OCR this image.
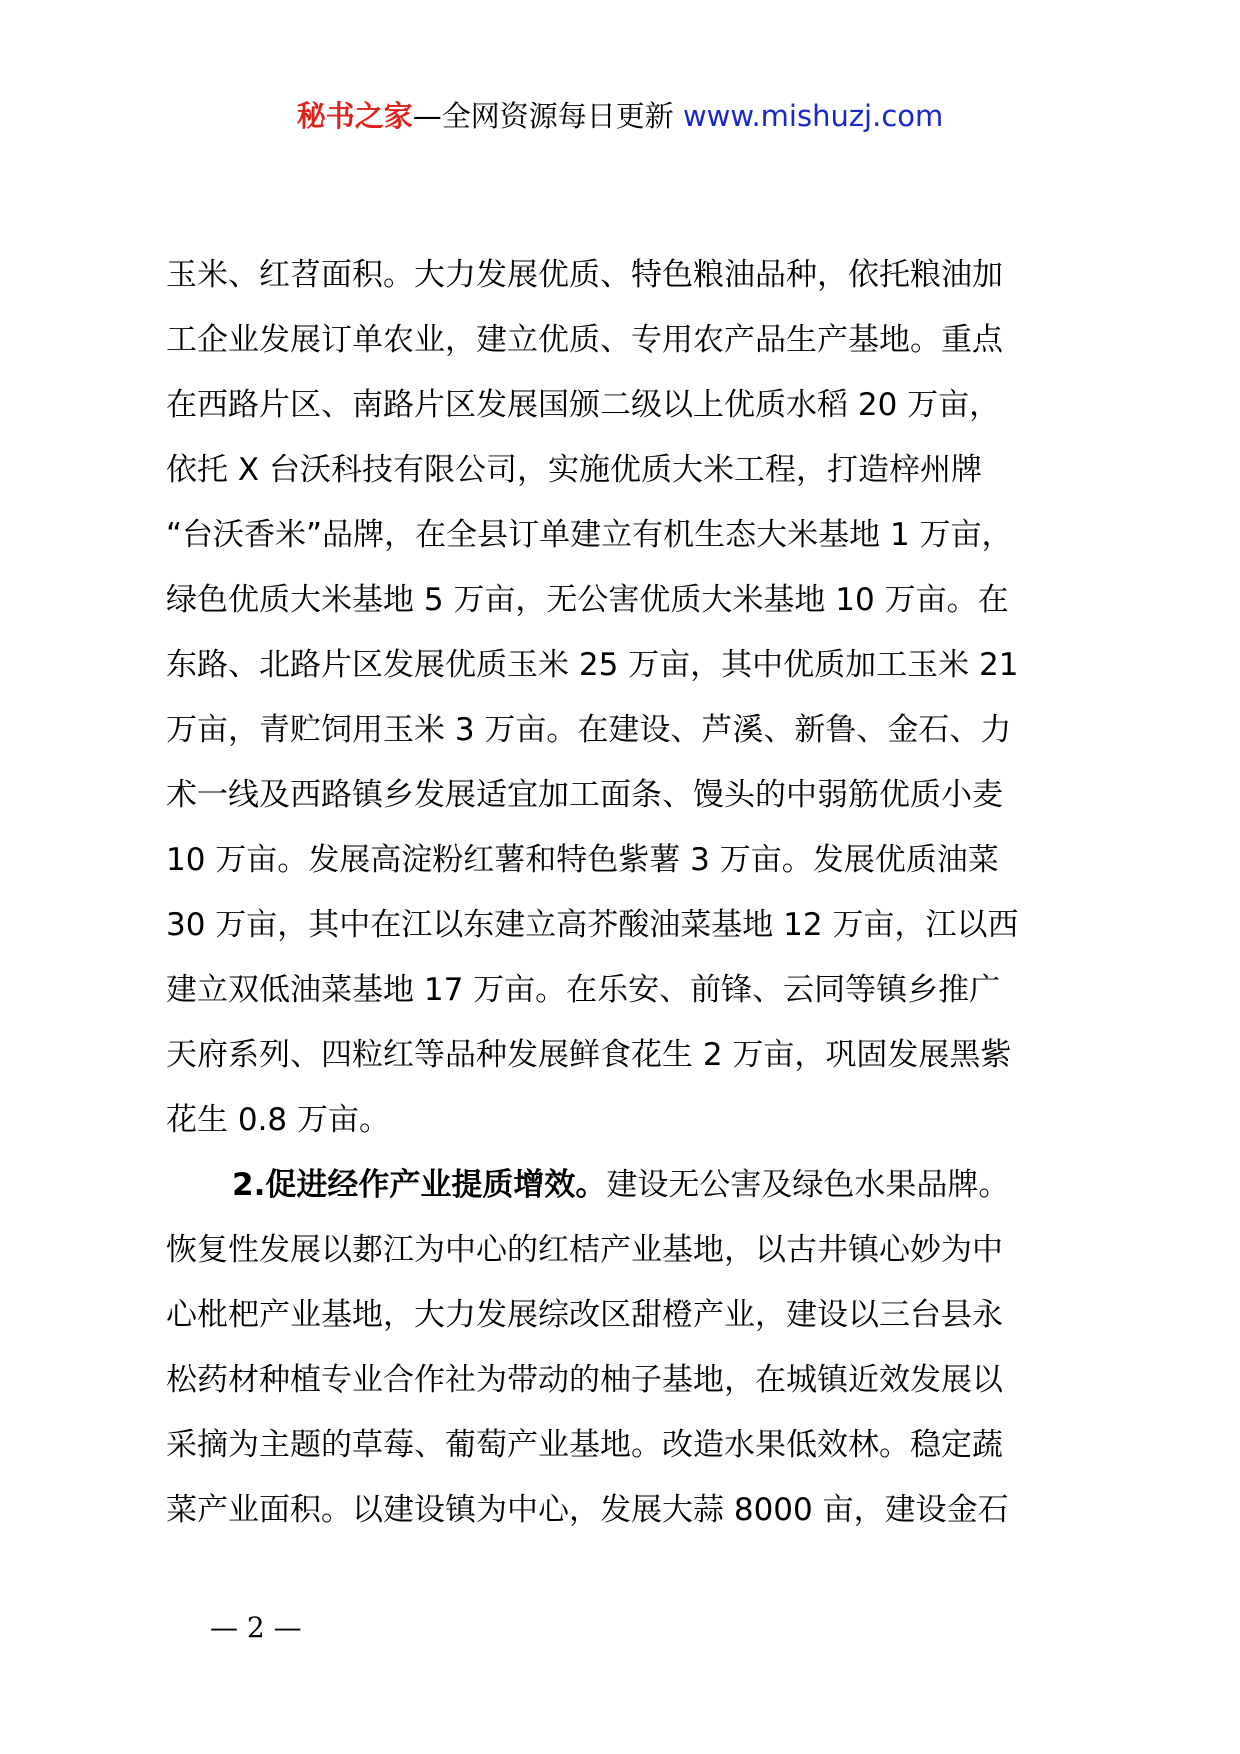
秘书之家—全网资源每日更新 www.mishuzj.com
玉米、红苕面积。大力发展优质、特色粮油品种，依托粮油加
工企业发展订单农业，建立优质、专用农产品生产基地。重点
在西路片区、南路片区发展国颁二级以上优质水稻 20 万亩，
依托 X 台沃科技有限公司，实施优质大米工程，打造梓州牌
“台沃香米”品牌，在全县订单建立有机生态大米基地 1 万亩，
绿色优质大米基地 5 万亩，无公害优质大米基地 10 万亩。在
东路、北路片区发展优质玉米 25 万亩，其中优质加工玉米 21
万亩，青贮饲用玉米 3 万亩。在建设、芦溪、新鲁、金石、力
术一线及西路镇乡发展适宜加工面条、馒头的中弱筋优质小麦
10 万亩。发展高淀粉红薯和特色紫薯 3 万亩。发展优质油菜
30 万亩，其中在江以东建立高芥酸油菜基地 12 万亩，江以西
建立双低油菜基地 17 万亩。在乐安、前锋、云同等镇乡推广
天府系列、四粒红等品种发展鲜食花生 2 万亩，巩固发展黑紫
花生 0.8 万亩。
2.促进经作产业提质增效。建设无公害及绿色水果品牌。
恢复性发展以郪江为中心的红桔产业基地，以古井镇心妙为中
心枇杷产业基地，大力发展综改区甜橙产业，建设以三台县永
松药材种植专业合作社为带动的柚子基地，在城镇近效发展以
采摘为主题的草莓、葡萄产业基地。改造水果低效林。稳定蔬
菜产业面积。以建设镇为中心，发展大蒜 8000 亩，建设金石
— 2 —
